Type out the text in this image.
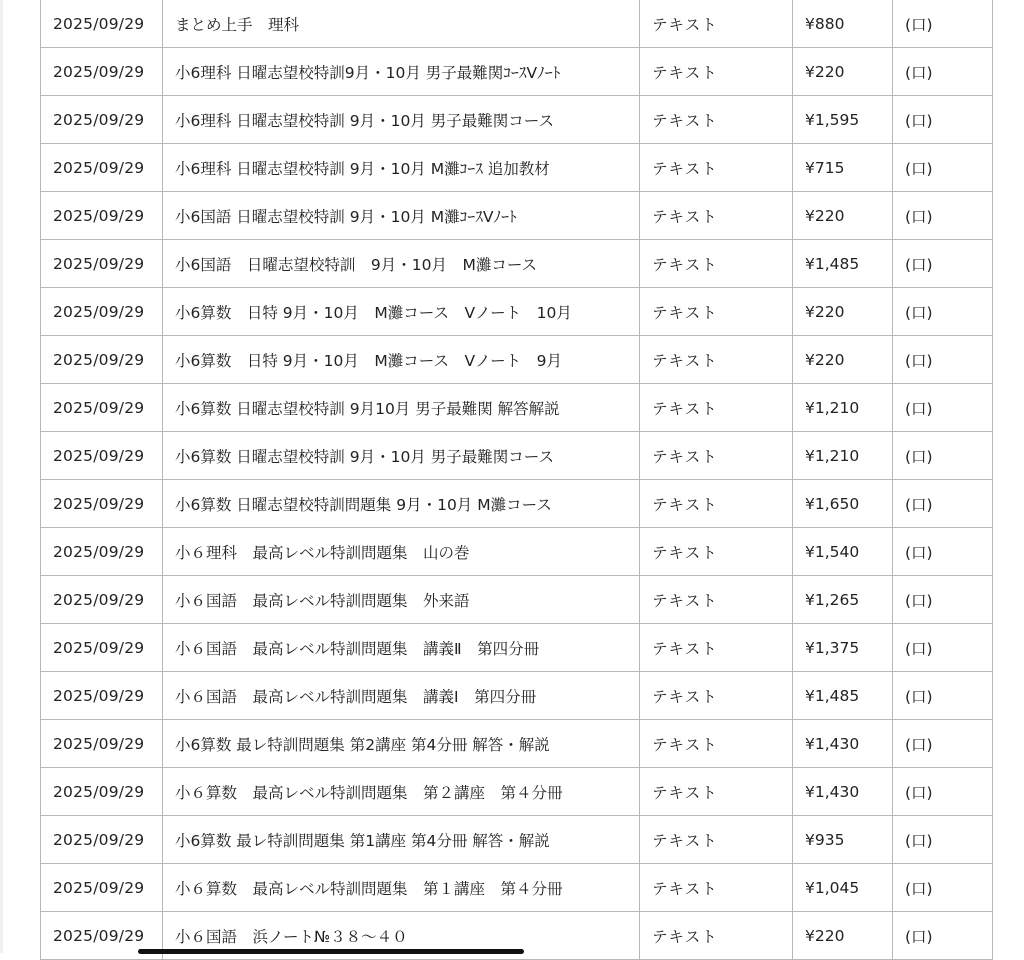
2025/09/29	まとめ上手　理科	テキスト	¥880	(口)
2025/09/29	小6理科 日曜志望校特訓9月・10月 男子最難関ｺｰｽVﾉｰﾄ	テキスト	¥220	(口)
2025/09/29	小6理科 日曜志望校特訓 9月・10月 男子最難関コース	テキスト	¥1,595	(口)
2025/09/29	小6理科 日曜志望校特訓 9月・10月 M灘ｺｰｽ 追加教材	テキスト	¥715	(口)
2025/09/29	小6国語 日曜志望校特訓 9月・10月 M灘ｺｰｽVﾉｰﾄ	テキスト	¥220	(口)
2025/09/29	小6国語　日曜志望校特訓　9月・10月　M灘コース	テキスト	¥1,485	(口)
2025/09/29	小6算数　日特 9月・10月　M灘コース　Vノート　10月	テキスト	¥220	(口)
2025/09/29	小6算数　日特 9月・10月　M灘コース　Vノート　9月	テキスト	¥220	(口)
2025/09/29	小6算数 日曜志望校特訓 9月10月 男子最難関 解答解説	テキスト	¥1,210	(口)
2025/09/29	小6算数 日曜志望校特訓 9月・10月 男子最難関コース	テキスト	¥1,210	(口)
2025/09/29	小6算数 日曜志望校特訓問題集 9月・10月 M灘コース	テキスト	¥1,650	(口)
2025/09/29	小６理科　最高レベル特訓問題集　山の巻	テキスト	¥1,540	(口)
2025/09/29	小６国語　最高レベル特訓問題集　外来語	テキスト	¥1,265	(口)
2025/09/29	小６国語　最高レベル特訓問題集　講義Ⅱ　第四分冊	テキスト	¥1,375	(口)
2025/09/29	小６国語　最高レベル特訓問題集　講義Ⅰ　第四分冊	テキスト	¥1,485	(口)
2025/09/29	小6算数 最レ特訓問題集 第2講座 第4分冊 解答・解説	テキスト	¥1,430	(口)
2025/09/29	小６算数　最高レベル特訓問題集　第２講座　第４分冊	テキスト	¥1,430	(口)
2025/09/29	小6算数 最レ特訓問題集 第1講座 第4分冊 解答・解説	テキスト	¥935	(口)
2025/09/29	小６算数　最高レベル特訓問題集　第１講座　第４分冊	テキスト	¥1,045	(口)
2025/09/29	小６国語　浜ノート№３８～４０	テキスト	¥220	(口)
